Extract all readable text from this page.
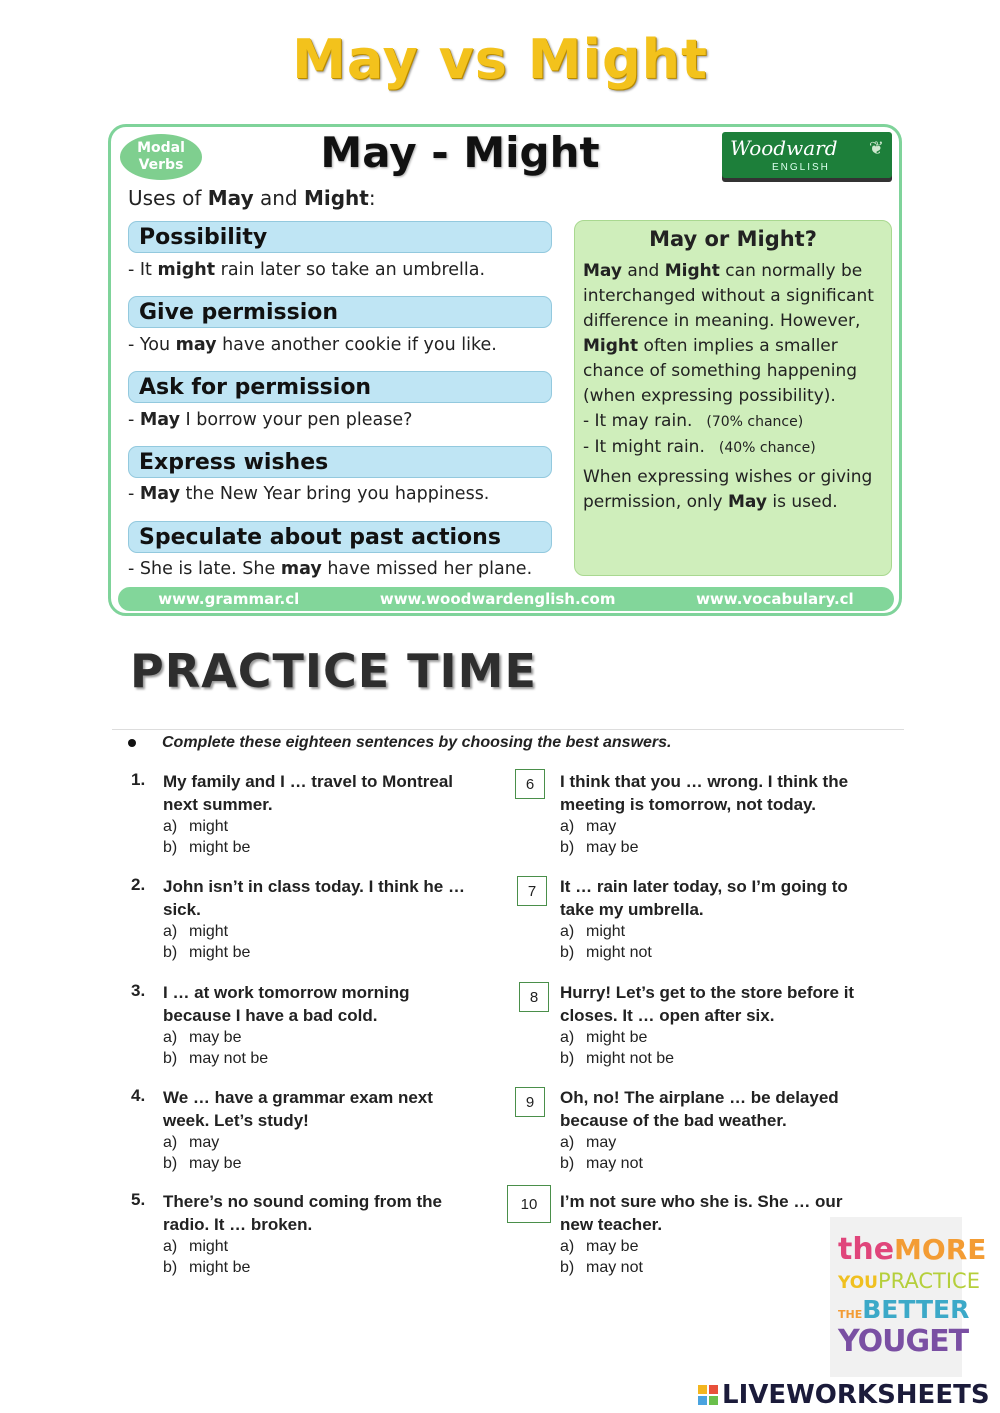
May vs Might
Modal
Verbs	May - Might	Woodward
ENGLISH
❦
Uses of May and Might:
Possibility
- It might rain later so take an umbrella.
Give permission
- You may have another cookie if you like.
Ask for permission
- May I borrow your pen please?
Express wishes
- May the New Year bring you happiness.
Speculate about past actions
- She is late. She may have missed her plane.
May or Might?
May and Might can normally be interchanged without a significant difference in meaning. However, Might often implies a smaller chance of something happening (when expressing possibility).
- It may rain. (70% chance)
- It might rain. (40% chance)
When expressing wishes or giving permission, only May is used.
www.grammar.cl	www.woodwardenglish.com	www.vocabulary.cl
PRACTICE TIME
Complete these eighteen sentences by choosing the best answers.
1. My family and I … travel to Montreal next summer.
a) might
b) might be
2. John isn’t in class today. I think he … sick.
a) might
b) might be
3. I … at work tomorrow morning because I have a bad cold.
a) may be
b) may not be
4. We … have a grammar exam next week. Let’s study!
a) may
b) may be
5. There’s no sound coming from the radio. It … broken.
a) might
b) might be
6	I think that you … wrong. I think the meeting is tomorrow, not today.
a) may
b) may be
7	It … rain later today, so I’m going to take my umbrella.
a) might
b) might not
8	Hurry! Let’s get to the store before it closes. It … open after six.
a) might be
b) might not be
9	Oh, no! The airplane … be delayed because of the bad weather.
a) may
b) may not
10	I’m not sure who she is. She … our new teacher.
a) may be
b) may not
theMORE
YOUPRACTICE
THEBETTER
YOUGET
LIVEWORKSHEETS
